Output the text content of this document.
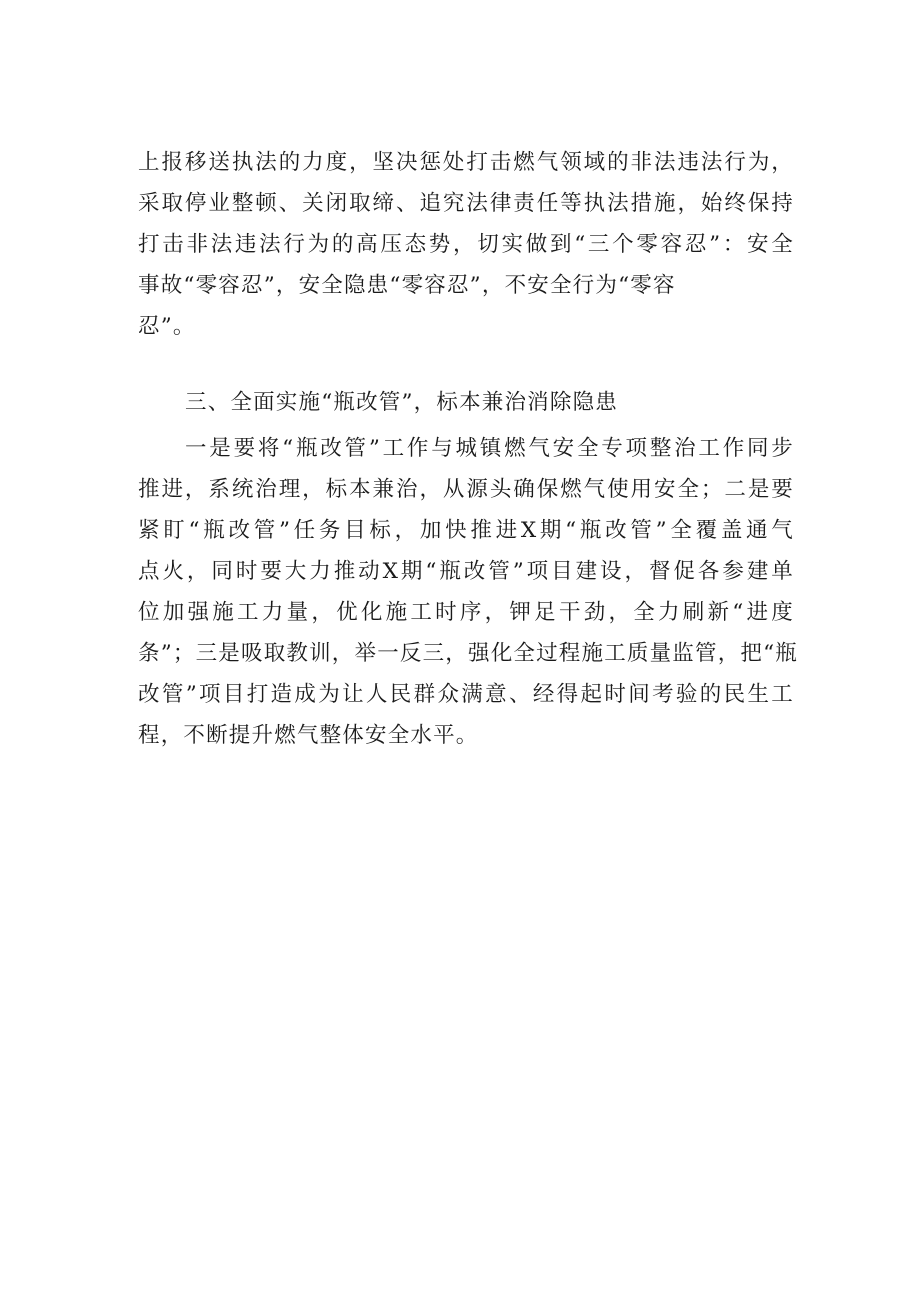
上报移送执法的力度，坚决惩处打击燃气领域的非法违法行为，
采取停业整顿、关闭取缔、追究法律责任等执法措施，始终保持
打击非法违法行为的高压态势，切实做到“三个零容忍”：安全
事故“零容忍”，安全隐患“零容忍”，不安全行为“零容
忍”。
三、全面实施“瓶改管”，标本兼治消除隐患
一是要将“瓶改管”工作与城镇燃气安全专项整治工作同步
推进，系统治理，标本兼治，从源头确保燃气使用安全；二是要
紧盯“瓶改管”任务目标，加快推进X期“瓶改管”全覆盖通气
点火，同时要大力推动X期“瓶改管”项目建设，督促各参建单
位加强施工力量，优化施工时序，钾足干劲，全力刷新“进度
条”；三是吸取教训，举一反三，强化全过程施工质量监管，把“瓶
改管”项目打造成为让人民群众满意、经得起时间考验的民生工
程，不断提升燃气整体安全水平。
